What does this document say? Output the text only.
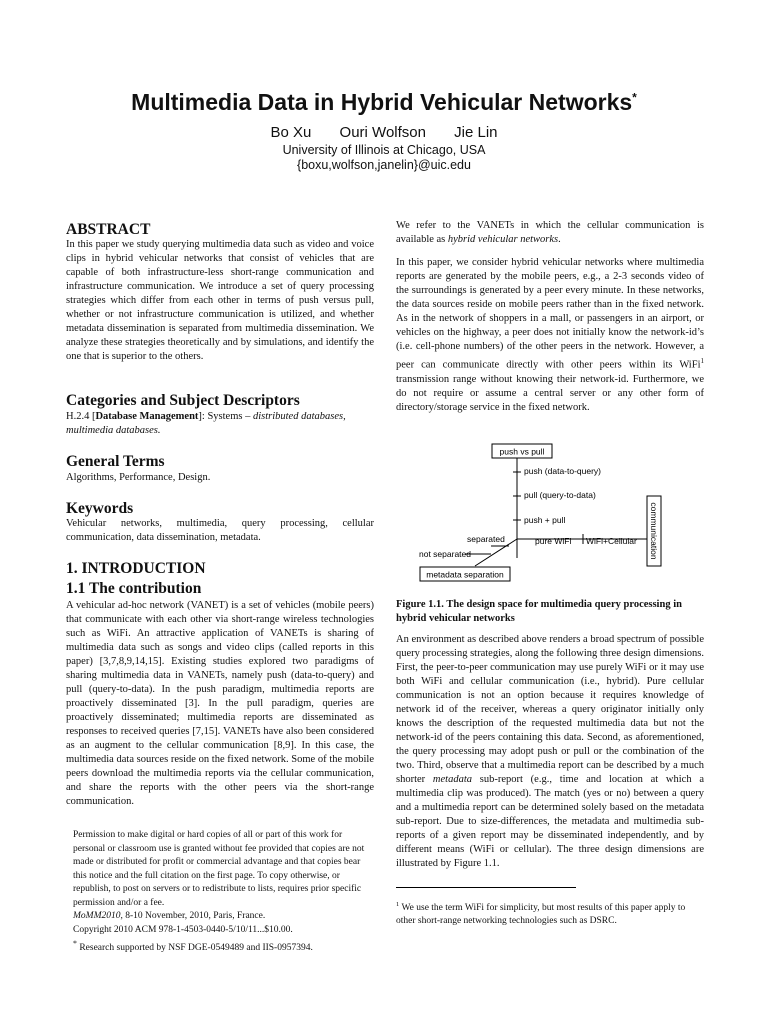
Multimedia Data in Hybrid Vehicular Networks*
Bo Xu Ouri Wolfson Jie Lin
University of Illinois at Chicago, USA
{boxu,wolfson,janelin}@uic.edu
ABSTRACT
In this paper we study querying multimedia data such as video and voice clips in hybrid vehicular networks that consist of vehicles that are capable of both infrastructure-less short-range communication and infrastructure communication. We introduce a set of query processing strategies which differ from each other in terms of push versus pull, whether or not infrastructure communication is utilized, and whether metadata dissemination is separated from multimedia dissemination. We analyze these strategies theoretically and by simulations, and identify the one that is superior to the others.
Categories and Subject Descriptors
H.2.4 [Database Management]: Systems – distributed databases, multimedia databases.
General Terms
Algorithms, Performance, Design.
Keywords
Vehicular networks, multimedia, query processing, cellular communication, data dissemination, metadata.
1. INTRODUCTION
1.1 The contribution
A vehicular ad-hoc network (VANET) is a set of vehicles (mobile peers) that communicate with each other via short-range wireless technologies such as WiFi. An attractive application of VANETs is sharing of multimedia data such as songs and video clips (called reports in this paper) [3,7,8,9,14,15]. Existing studies explored two paradigms of sharing multimedia data in VANETs, namely push (data-to-query) and pull (query-to-data). In the push paradigm, multimedia reports are proactively disseminated [3]. In the pull paradigm, queries are proactively disseminated; multimedia reports are disseminated as responses to received queries [7,15]. VANETs have also been considered as an augment to the cellular communication [8,9]. In this case, the multimedia data sources reside on the fixed network. Some of the mobile peers download the multimedia reports via the cellular communication, and share the reports with the other peers via the short-range communication.
Permission to make digital or hard copies of all or part of this work for personal or classroom use is granted without fee provided that copies are not made or distributed for profit or commercial advantage and that copies bear this notice and the full citation on the first page. To copy otherwise, or republish, to post on servers or to redistribute to lists, requires prior specific permission and/or a fee.
MoMM2010, 8-10 November, 2010, Paris, France.
Copyright 2010 ACM 978-1-4503-0440-5/10/11...$10.00.
* Research supported by NSF DGE-0549489 and IIS-0957394.
We refer to the VANETs in which the cellular communication is available as hybrid vehicular networks.
In this paper, we consider hybrid vehicular networks where multimedia reports are generated by the mobile peers, e.g., a 2-3 seconds video of the surroundings is generated by a peer every minute. In these networks, the data sources reside on mobile peers rather than in the fixed network. As in the network of shoppers in a mall, or passengers in an airport, or vehicles on the highway, a peer does not initially know the network-id’s (i.e. cell-phone numbers) of the other peers in the network. However, a peer can communicate directly with other peers within its WiFi$^1$ transmission range without knowing their network-id. Furthermore, we do not require or assume a central server or any other form of directory/storage service in the fixed network.
push vs pull
push (data-to-query)
pull (query-to-data)
push + pull
pure WiFi WiFi+Cellular communication
separated
not separated
metadata separation
Figure 1.1. The design space for multimedia query processing in hybrid vehicular networks
An environment as described above renders a broad spectrum of possible query processing strategies, along the following three design dimensions. First, the peer-to-peer communication may use purely WiFi or it may use both WiFi and cellular communication (i.e., hybrid). Pure cellular communication is not an option because it requires knowledge of network id of the receiver, whereas a query originator initially only knows the description of the requested multimedia data but not the network-id of the peers containing this data. Second, as aforementioned, the query processing may adopt push or pull or the combination of the two. Third, observe that a multimedia report can be described by a much shorter metadata sub-report (e.g., time and location at which a multimedia clip was produced). The match (yes or no) between a query and a multimedia report can be determined solely based on the metadata sub-report. Due to size-differences, the metadata and multimedia sub-reports of a given report may be disseminated independently, and by different means (WiFi or cellular). The three design dimensions are illustrated by Figure 1.1.
$^1$ We use the term WiFi for simplicity, but most results of this paper apply to other short-range networking technologies such as DSRC.
